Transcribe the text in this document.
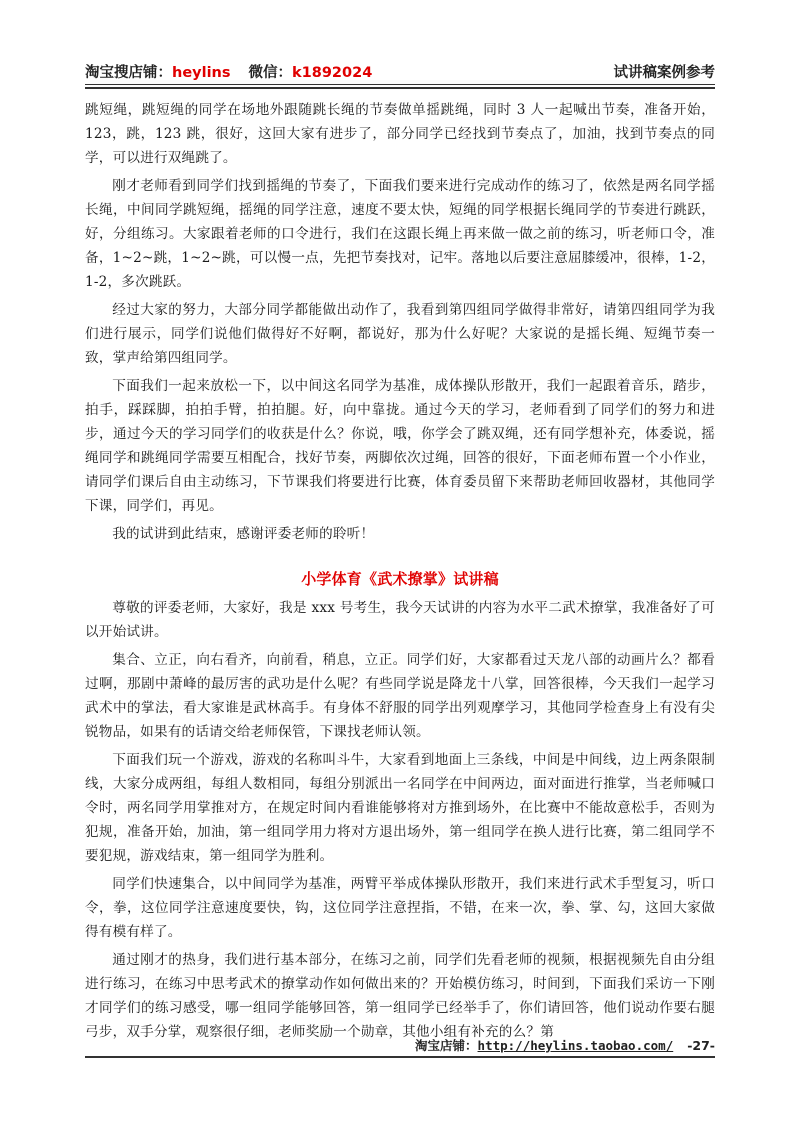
淘宝搜店铺：heylins 微信：k1892024	试讲稿案例参考

跳短绳，跳短绳的同学在场地外跟随跳长绳的节奏做单摇跳绳，同时 3 人一起喊出节奏，准备开始，123，跳，123 跳，很好，这回大家有进步了，部分同学已经找到节奏点了，加油，找到节奏点的同学，可以进行双绳跳了。

刚才老师看到同学们找到摇绳的节奏了，下面我们要来进行完成动作的练习了，依然是两名同学摇长绳，中间同学跳短绳，摇绳的同学注意，速度不要太快，短绳的同学根据长绳同学的节奏进行跳跃，好，分组练习。大家跟着老师的口令进行，我们在这跟长绳上再来做一做之前的练习，听老师口令，准备，1~2~跳，1~2~跳，可以慢一点，先把节奏找对，记牢。落地以后要注意屈膝缓冲，很棒，1-2，1-2，多次跳跃。

经过大家的努力，大部分同学都能做出动作了，我看到第四组同学做得非常好，请第四组同学为我们进行展示，同学们说他们做得好不好啊，都说好，那为什么好呢？大家说的是摇长绳、短绳节奏一致，掌声给第四组同学。

下面我们一起来放松一下，以中间这名同学为基准，成体操队形散开，我们一起跟着音乐，踏步，拍手，踩踩脚，拍拍手臂，拍拍腿。好，向中靠拢。通过今天的学习，老师看到了同学们的努力和进步，通过今天的学习同学们的收获是什么？你说，哦，你学会了跳双绳，还有同学想补充，体委说，摇绳同学和跳绳同学需要互相配合，找好节奏，两脚依次过绳，回答的很好，下面老师布置一个小作业，请同学们课后自由主动练习，下节课我们将要进行比赛，体育委员留下来帮助老师回收器材，其他同学下课，同学们，再见。

我的试讲到此结束，感谢评委老师的聆听！

小学体育《武术撩掌》试讲稿

尊敬的评委老师，大家好，我是 xxx 号考生，我今天试讲的内容为水平二武术撩掌，我准备好了可以开始试讲。

集合、立正，向右看齐，向前看，稍息，立正。同学们好，大家都看过天龙八部的动画片么？都看过啊，那剧中萧峰的最厉害的武功是什么呢？有些同学说是降龙十八掌，回答很棒，今天我们一起学习武术中的掌法，看大家谁是武林高手。有身体不舒服的同学出列观摩学习，其他同学检查身上有没有尖锐物品，如果有的话请交给老师保管，下课找老师认领。

下面我们玩一个游戏，游戏的名称叫斗牛，大家看到地面上三条线，中间是中间线，边上两条限制线，大家分成两组，每组人数相同，每组分别派出一名同学在中间两边，面对面进行推掌，当老师喊口令时，两名同学用掌推对方，在规定时间内看谁能够将对方推到场外，在比赛中不能故意松手，否则为犯规，准备开始，加油，第一组同学用力将对方退出场外，第一组同学在换人进行比赛，第二组同学不要犯规，游戏结束，第一组同学为胜利。

同学们快速集合，以中间同学为基准，两臂平举成体操队形散开，我们来进行武术手型复习，听口令，拳，这位同学注意速度要快，钩，这位同学注意捏指，不错，在来一次，拳、掌、勾，这回大家做得有模有样了。

通过刚才的热身，我们进行基本部分，在练习之前，同学们先看老师的视频，根据视频先自由分组进行练习，在练习中思考武术的撩掌动作如何做出来的？开始模仿练习，时间到，下面我们采访一下刚才同学们的练习感受，哪一组同学能够回答，第一组同学已经举手了，你们请回答，他们说动作要右腿弓步，双手分掌，观察很仔细，老师奖励一个勋章，其他小组有补充的么？第

淘宝店铺：http://heylins.taobao.com/ -27-
